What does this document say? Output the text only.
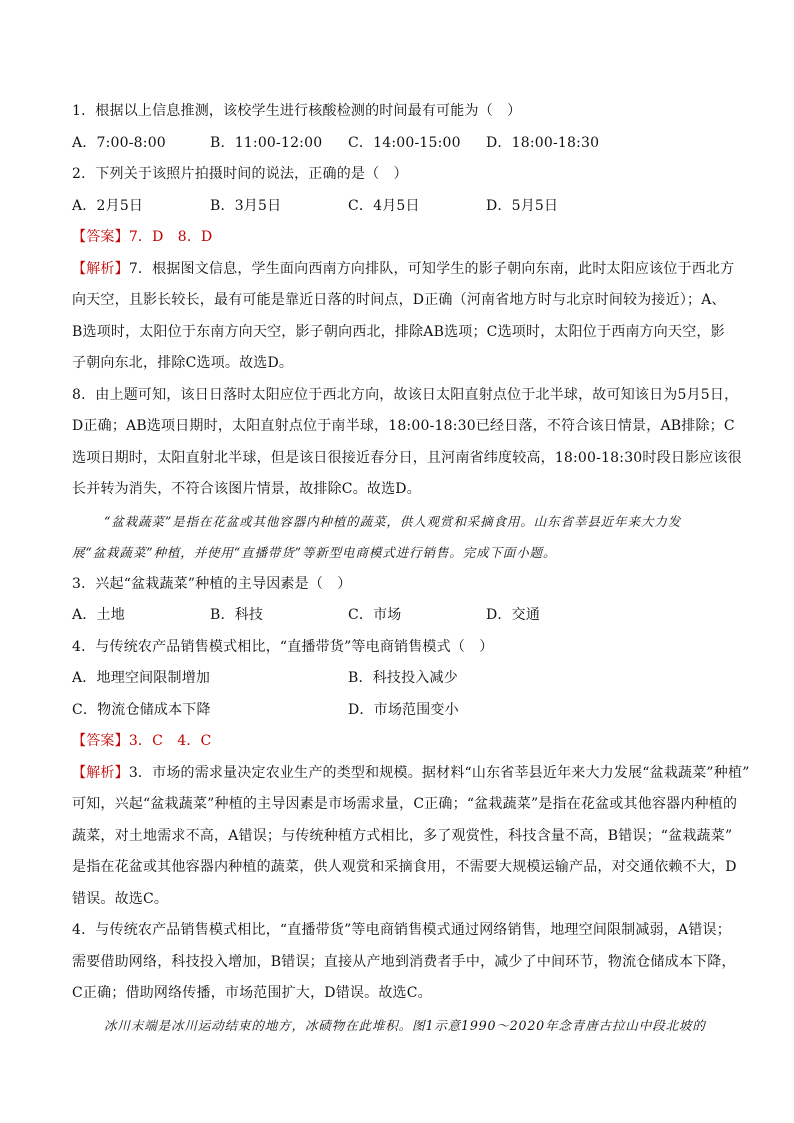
1．根据以上信息推测，该校学生进行核酸检测的时间最有可能为（　）
A．7:00-8:00	B．11:00-12:00	C．14:00-15:00	D．18:00-18:30
2．下列关于该照片拍摄时间的说法，正确的是（　）
A．2月5日	B．3月5日	C．4月5日	D．5月5日
【答案】7．D　8．D
【解析】7．根据图文信息，学生面向西南方向排队，可知学生的影子朝向东南，此时太阳应该位于西北方
向天空，且影长较长，最有可能是靠近日落的时间点，D正确（河南省地方时与北京时间较为接近）；A、
B选项时，太阳位于东南方向天空，影子朝向西北，排除AB选项；C选项时，太阳位于西南方向天空，影
子朝向东北，排除C选项。故选D。
8．由上题可知，该日日落时太阳应位于西北方向，故该日太阳直射点位于北半球，故可知该日为5月5日，
D正确；AB选项日期时，太阳直射点位于南半球，18:00-18:30已经日落，不符合该日情景，AB排除；C
选项日期时，太阳直射北半球，但是该日很接近春分日，且河南省纬度较高，18:00-18:30时段日影应该很
长并转为消失，不符合该图片情景，故排除C。故选D。
“盆栽蔬菜”是指在花盆或其他容器内种植的蔬菜，供人观赏和采摘食用。山东省莘县近年来大力发
展“盆栽蔬菜”种植，并使用“直播带货”等新型电商模式进行销售。完成下面小题。
3．兴起“盆栽蔬菜”种植的主导因素是（　）
A．土地	B．科技	C．市场	D．交通
4．与传统农产品销售模式相比，“直播带货”等电商销售模式（　）
A．地理空间限制增加	B．科技投入减少
C．物流仓储成本下降	D．市场范围变小
【答案】3．C　4．C
【解析】3．市场的需求量决定农业生产的类型和规模。据材料“山东省莘县近年来大力发展“盆栽蔬菜”种植”
可知，兴起“盆栽蔬菜”种植的主导因素是市场需求量，C正确；“盆栽蔬菜”是指在花盆或其他容器内种植的
蔬菜，对土地需求不高，A错误；与传统种植方式相比，多了观赏性，科技含量不高，B错误；“盆栽蔬菜”
是指在花盆或其他容器内种植的蔬菜，供人观赏和采摘食用，不需要大规模运输产品，对交通依赖不大，D
错误。故选C。
4．与传统农产品销售模式相比，“直播带货”等电商销售模式通过网络销售，地理空间限制减弱，A错误；
需要借助网络，科技投入增加，B错误；直接从产地到消费者手中，减少了中间环节，物流仓储成本下降，
C正确；借助网络传播，市场范围扩大，D错误。故选C。
冰川末端是冰川运动结束的地方，冰碛物在此堆积。图1示意1990～2020年念青唐古拉山中段北坡的
